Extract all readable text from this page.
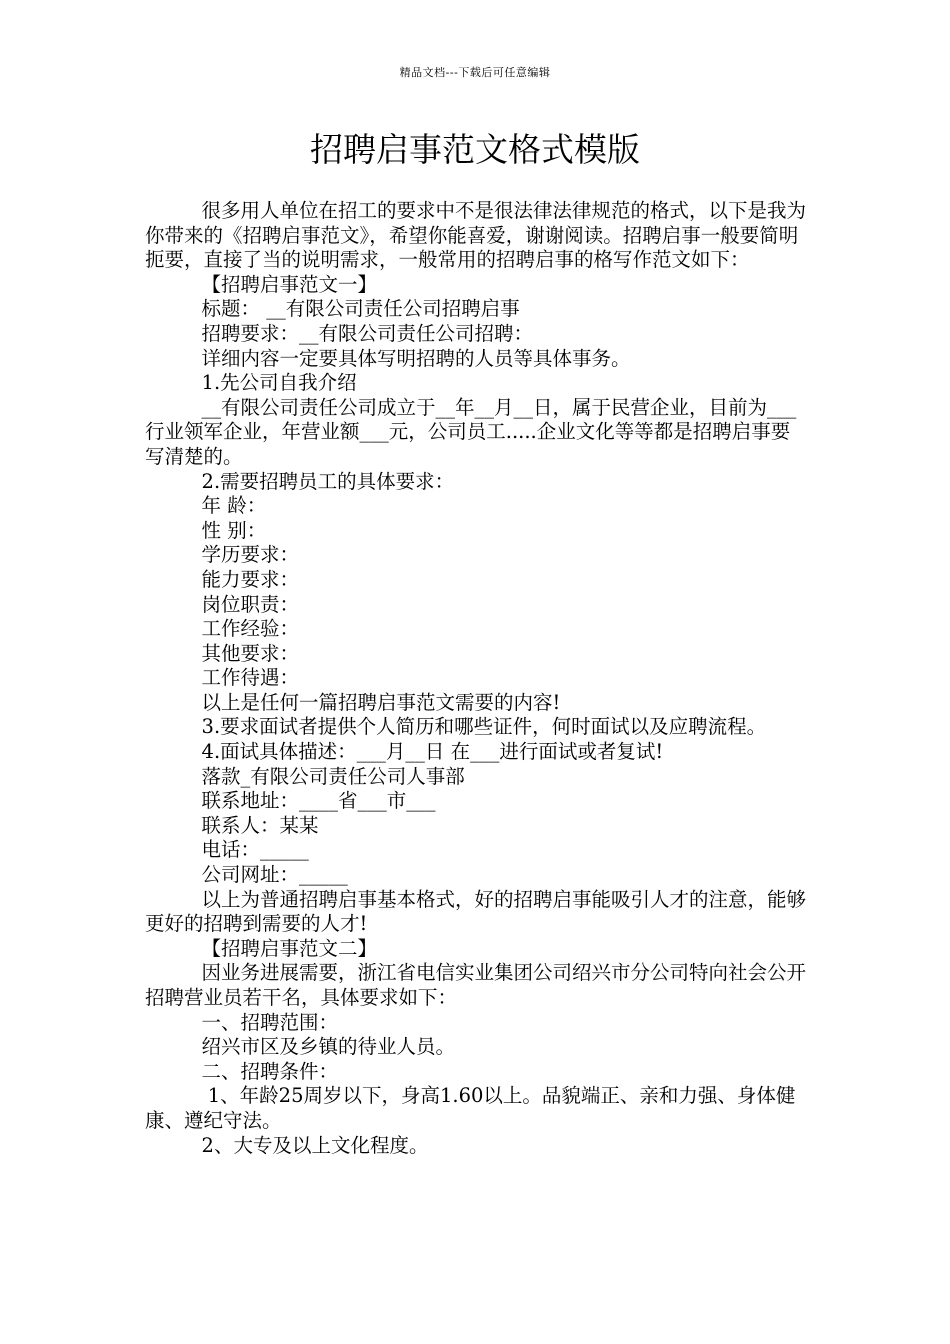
精品文档---下载后可任意编辑
招聘启事范文格式模版

很多用人单位在招工的要求中不是很法律法律规范的格式，以下是我为你带来的《招聘启事范文》，希望你能喜爱，谢谢阅读。招聘启事一般要简明扼要，直接了当的说明需求，一般常用的招聘启事的格写作范文如下：

【招聘启事范文一】

标题： __有限公司责任公司招聘启事

招聘要求：__有限公司责任公司招聘：

详细内容一定要具体写明招聘的人员等具体事务。

1.先公司自我介绍

__有限公司责任公司成立于__年__月__日，属于民营企业，目前为___行业领军企业，年营业额___元，公司员工.....企业文化等等都是招聘启事要写清楚的。

2.需要招聘员工的具体要求：

年 龄：

性 别：

学历要求：

能力要求：

岗位职责：

工作经验：

其他要求：

工作待遇：

以上是任何一篇招聘启事范文需要的内容!

3.要求面试者提供个人简历和哪些证件，何时面试以及应聘流程。

4.面试具体描述：___月__日 在___进行面试或者复试!

落款_有限公司责任公司人事部

联系地址：____省___市___

联系人：某某

电话：_____

公司网址：_____

以上为普通招聘启事基本格式，好的招聘启事能吸引人才的注意，能够更好的招聘到需要的人才!

【招聘启事范文二】

因业务进展需要，浙江省电信实业集团公司绍兴市分公司特向社会公开招聘营业员若干名，具体要求如下：

一、招聘范围：

绍兴市区及乡镇的待业人员。

二、招聘条件：

1、年龄25周岁以下，身高1.60以上。品貌端正、亲和力强、身体健康、遵纪守法。

2、大专及以上文化程度。
